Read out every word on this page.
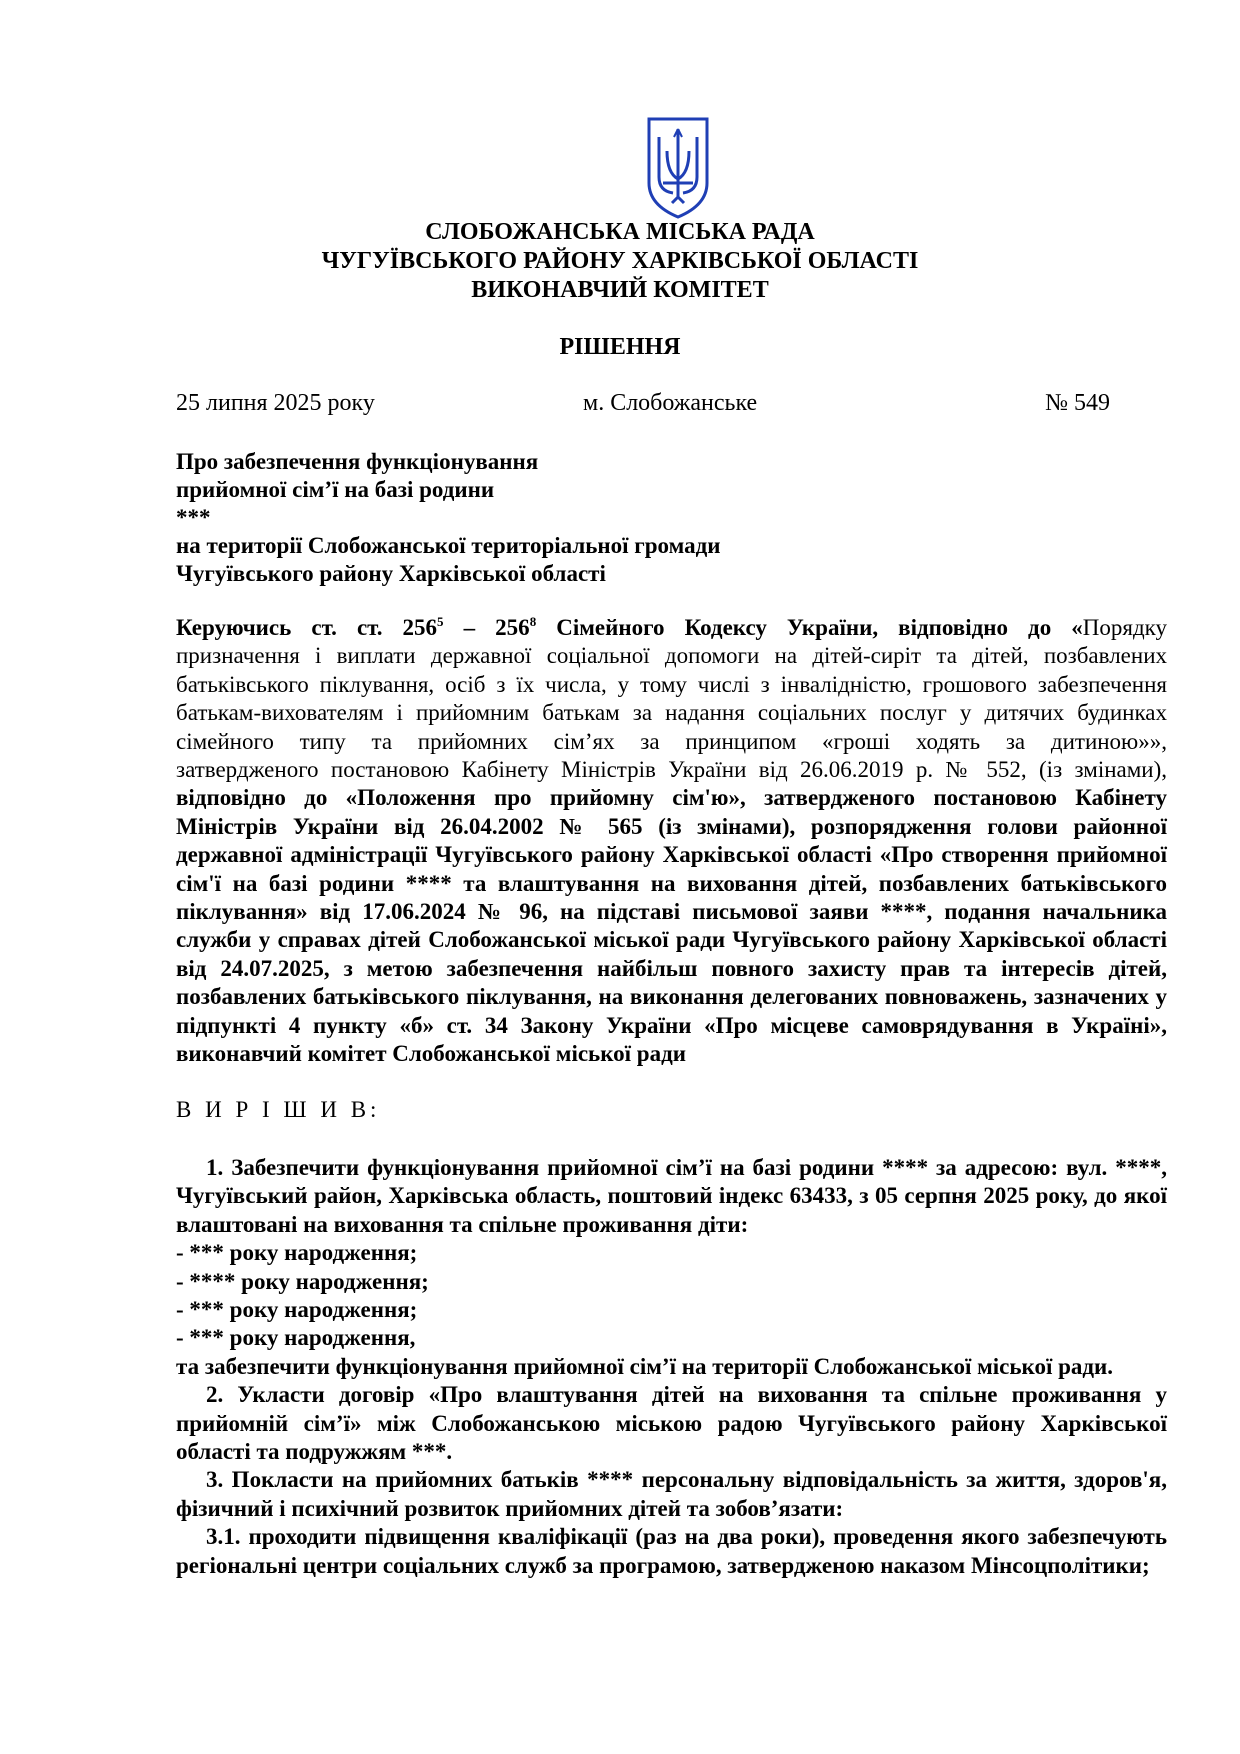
СЛОБОЖАНСЬКА МІСЬКА РАДА
ЧУГУЇВСЬКОГО РАЙОНУ ХАРКІВСЬКОЇ ОБЛАСТІ
ВИКОНАВЧИЙ КОМІТЕТ
РІШЕННЯ
25 липня 2025 року	м. Слобожанське	№ 549
Про забезпечення функціонування
прийомної сім’ї на базі родини
***
на території Слобожанської територіальної громади
Чугуївського району Харківської області
Керуючись ст. ст. $256^5 - 256^8$ Сімейного Кодексу України, відповідно до «Порядку
призначення і виплати державної соціальної допомоги на дітей-сиріт та дітей, позбавлених
батьківського піклування, осіб з їх числа, у тому числі з інвалідністю, грошового забезпечення
батькам-вихователям і прийомним батькам за надання соціальних послуг у дитячих будинках
сімейного типу та прийомних сім’ях за принципом «гроші ходять за дитиною»»,
затвердженого постановою Кабінету Міністрів України від 26.06.2019 р. № 552, (із змінами),
відповідно до «Положення про прийомну сім'ю», затвердженого постановою Кабінету
Міністрів України від 26.04.2002 № 565 (із змінами), розпорядження голови районної
державної адміністрації Чугуївського району Харківської області «Про створення прийомної
сім'ї на базі родини **** та влаштування на виховання дітей, позбавлених батьківського
піклування» від 17.06.2024 № 96, на підставі письмової заяви ****, подання начальника
служби у справах дітей Слобожанської міської ради Чугуївського району Харківської області
від 24.07.2025, з метою забезпечення найбільш повного захисту прав та інтересів дітей,
позбавлених батьківського піклування, на виконання делегованих повноважень, зазначених у
підпункті 4 пункту «б» ст. 34 Закону України «Про місцеве самоврядування в Україні»,
виконавчий комітет Слобожанської міської ради
В И Р І Ш И В:
1. Забезпечити функціонування прийомної сім’ї на базі родини **** за адресою: вул. ****,
Чугуївський район, Харківська область, поштовий індекс 63433, з 05 серпня 2025 року, до якої
влаштовані на виховання та спільне проживання діти:
- *** року народження;
- **** року народження;
- *** року народження;
- *** року народження,
та забезпечити функціонування прийомної сім’ї на території Слобожанської міської ради.
2. Укласти договір «Про влаштування дітей на виховання та спільне проживання у
прийомній сім’ї» між Слобожанською міською радою Чугуївського району Харківської
області та подружжям ***.
3. Покласти на прийомних батьків **** персональну відповідальність за життя, здоров'я,
фізичний і психічний розвиток прийомних дітей та зобов’язати:
3.1. проходити підвищення кваліфікації (раз на два роки), проведення якого забезпечують
регіональні центри соціальних служб за програмою, затвердженою наказом Мінсоцполітики;
